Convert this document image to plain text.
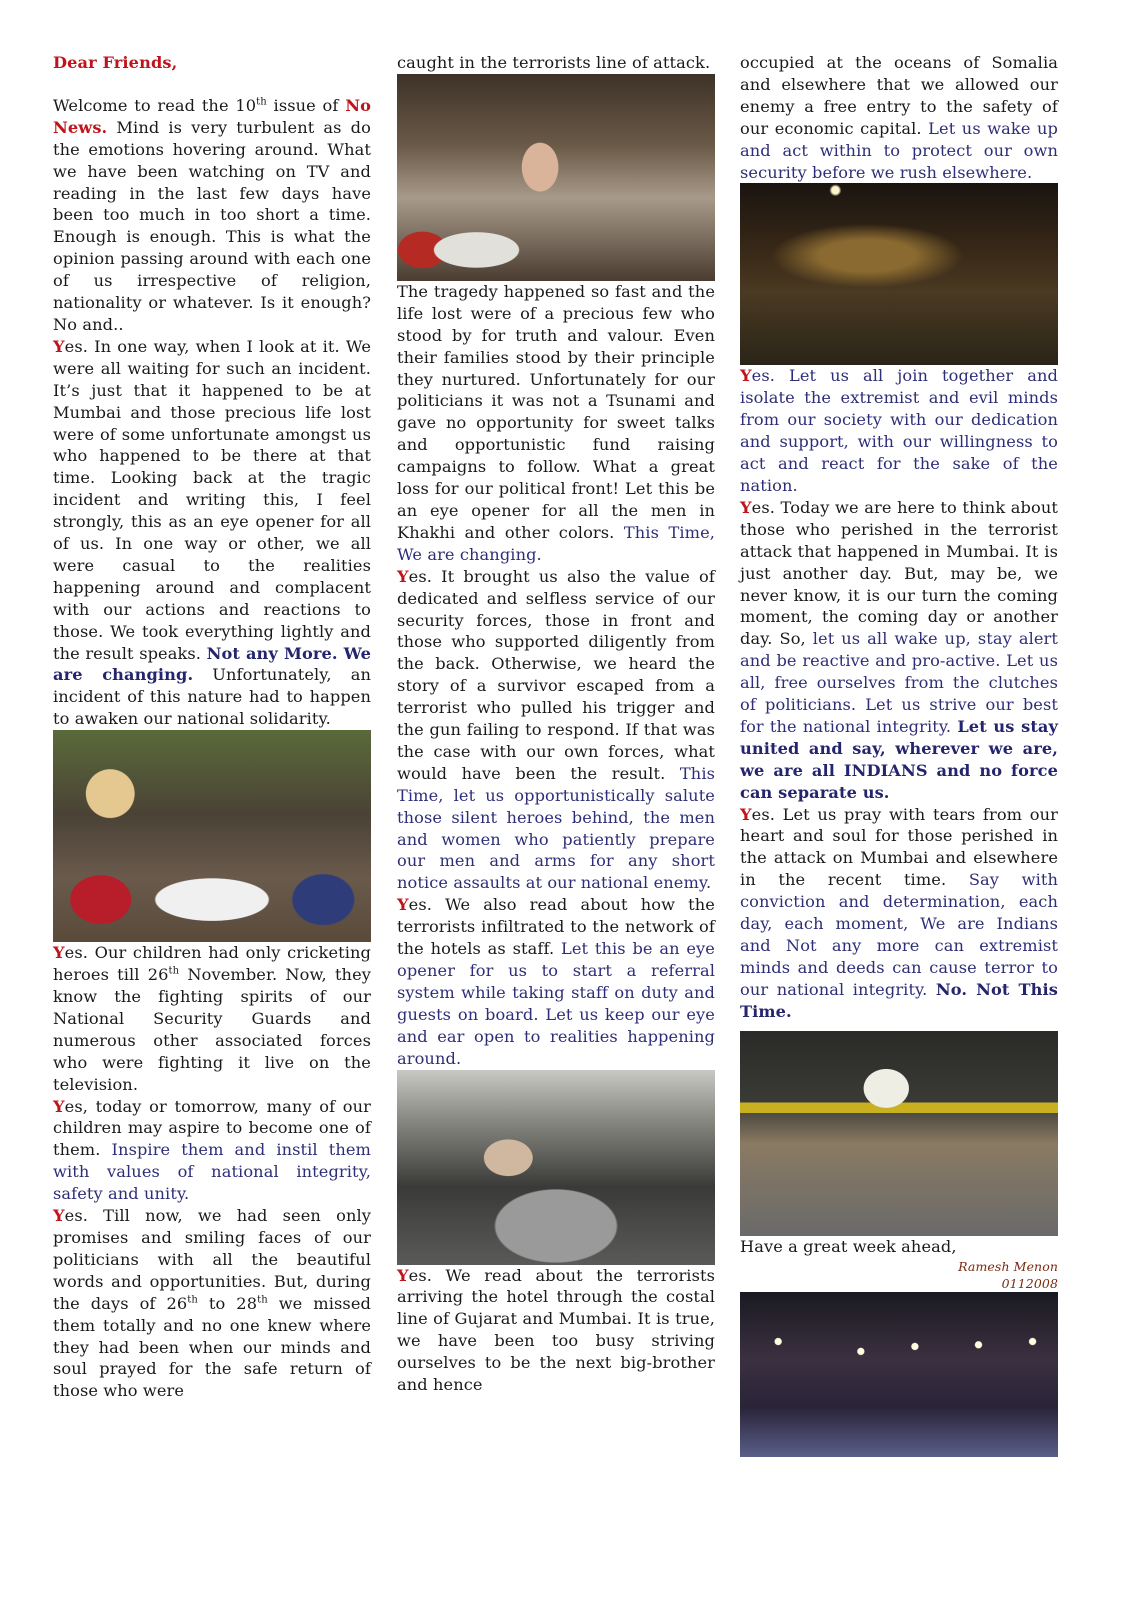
Dear Friends,

Welcome to read the 10th issue of No News. Mind is very turbulent as do the emotions hovering around. What we have been watching on TV and reading in the last few days have been too much in too short a time. Enough is enough. This is what the opinion passing around with each one of us irrespective of religion, nationality or whatever. Is it enough? No and..

Yes. In one way, when I look at it. We were all waiting for such an incident. It’s just that it happened to be at Mumbai and those precious life lost were of some unfortunate amongst us who happened to be there at that time. Looking back at the tragic incident and writing this, I feel strongly, this as an eye opener for all of us. In one way or other, we all were casual to the realities happening around and complacent with our actions and reactions to those. We took everything lightly and the result speaks. Not any More. We are changing. Unfortunately, an incident of this nature had to happen to awaken our national solidarity.

Yes. Our children had only cricketing heroes till 26th November. Now, they know the fighting spirits of our National Security Guards and numerous other associated forces who were fighting it live on the television.

Yes, today or tomorrow, many of our children may aspire to become one of them. Inspire them and instil them with values of national integrity, safety and unity.

Yes. Till now, we had seen only promises and smiling faces of our politicians with all the beautiful words and opportunities. But, during the days of 26th to 28th we missed them totally and no one knew where they had been when our minds and soul prayed for the safe return of those who were

caught in the terrorists line of attack.

The tragedy happened so fast and the life lost were of a precious few who stood by for truth and valour. Even their families stood by their principle they nurtured. Unfortunately for our politicians it was not a Tsunami and gave no opportunity for sweet talks and opportunistic fund raising campaigns to follow. What a great loss for our political front! Let this be an eye opener for all the men in Khakhi and other colors. This Time, We are changing.

Yes. It brought us also the value of dedicated and selfless service of our security forces, those in front and those who supported diligently from the back. Otherwise, we heard the story of a survivor escaped from a terrorist who pulled his trigger and the gun failing to respond. If that was the case with our own forces, what would have been the result. This Time, let us opportunistically salute those silent heroes behind, the men and women who patiently prepare our men and arms for any short notice assaults at our national enemy.

Yes. We also read about how the terrorists infiltrated to the network of the hotels as staff. Let this be an eye opener for us to start a referral system while taking staff on duty and guests on board. Let us keep our eye and ear open to realities happening around.

Yes. We read about the terrorists arriving the hotel through the costal line of Gujarat and Mumbai. It is true, we have been too busy striving ourselves to be the next big-brother and hence

occupied at the oceans of Somalia and elsewhere that we allowed our enemy a free entry to the safety of our economic capital. Let us wake up and act within to protect our own security before we rush elsewhere.

Yes. Let us all join together and isolate the extremist and evil minds from our society with our dedication and support, with our willingness to act and react for the sake of the nation.

Yes. Today we are here to think about those who perished in the terrorist attack that happened in Mumbai. It is just another day. But, may be, we never know, it is our turn the coming moment, the coming day or another day. So, let us all wake up, stay alert and be reactive and pro-active. Let us all, free ourselves from the clutches of politicians. Let us strive our best for the national integrity. Let us stay united and say, wherever we are, we are all INDIANS and no force can separate us.

Yes. Let us pray with tears from our heart and soul for those perished in the attack on Mumbai and elsewhere in the recent time. Say with conviction and determination, each day, each moment, We are Indians and Not any more can extremist minds and deeds can cause terror to our national integrity. No. Not This Time.

Have a great week ahead,

Ramesh Menon

0112008
